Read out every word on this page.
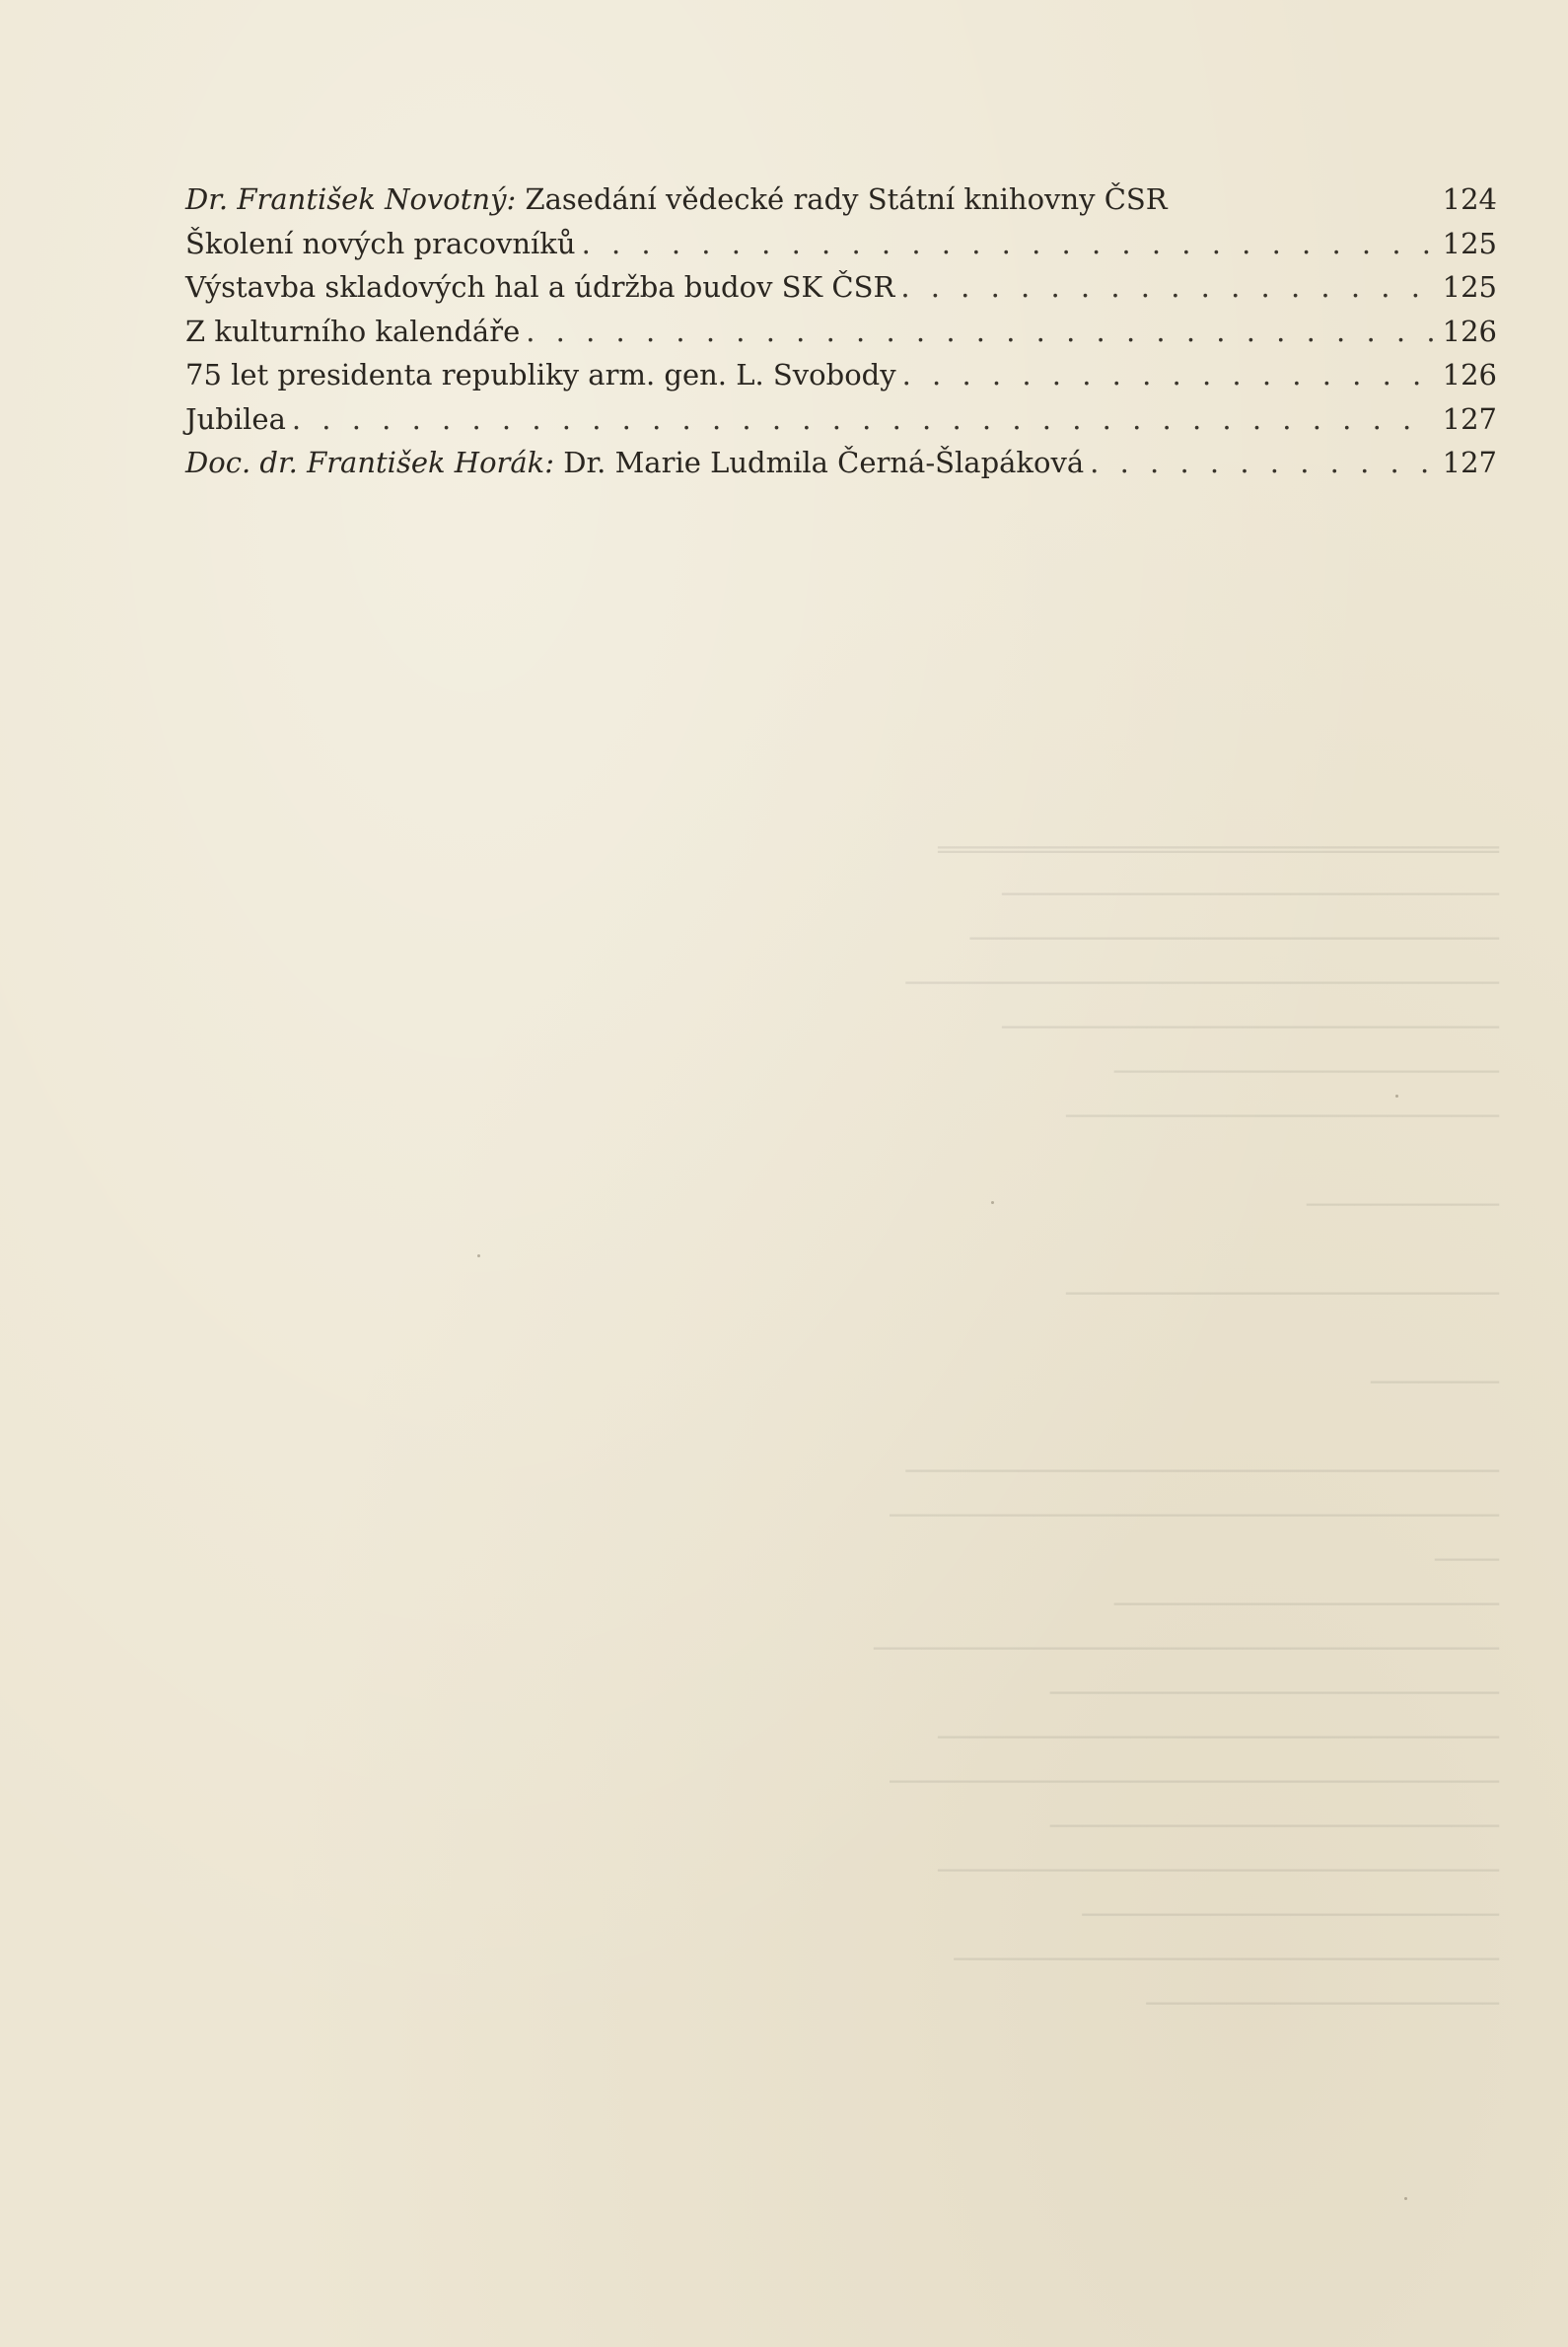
═══════════════════════════════════
───────────────────────────────
─────────────────────────────────
─────────────────────────────────────
───────────────────────────────
────────────────────────
───────────────────────────

────────────

───────────────────────────

────────

─────────────────────────────────────
──────────────────────────────────────
────
────────────────────────
───────────────────────────────────────
────────────────────────────
───────────────────────────────────
──────────────────────────────────────
────────────────────────────
───────────────────────────────────
──────────────────────────
──────────────────────────────────
──────────────────────
Dr. František Novotný: Zasedání vědecké rady Státní knihovny ČSR	124
Školení nových pracovníků . . .	125
Výstavba skladových hal a údržba budov SK ČSR . . .	125
Z kulturního kalendáře . . .	126
75 let presidenta republiky arm. gen. L. Svobody . . .	126
Jubilea . . .	127
Doc. dr. František Horák: Dr. Marie Ludmila Černá-Šlapáková . . .	127
